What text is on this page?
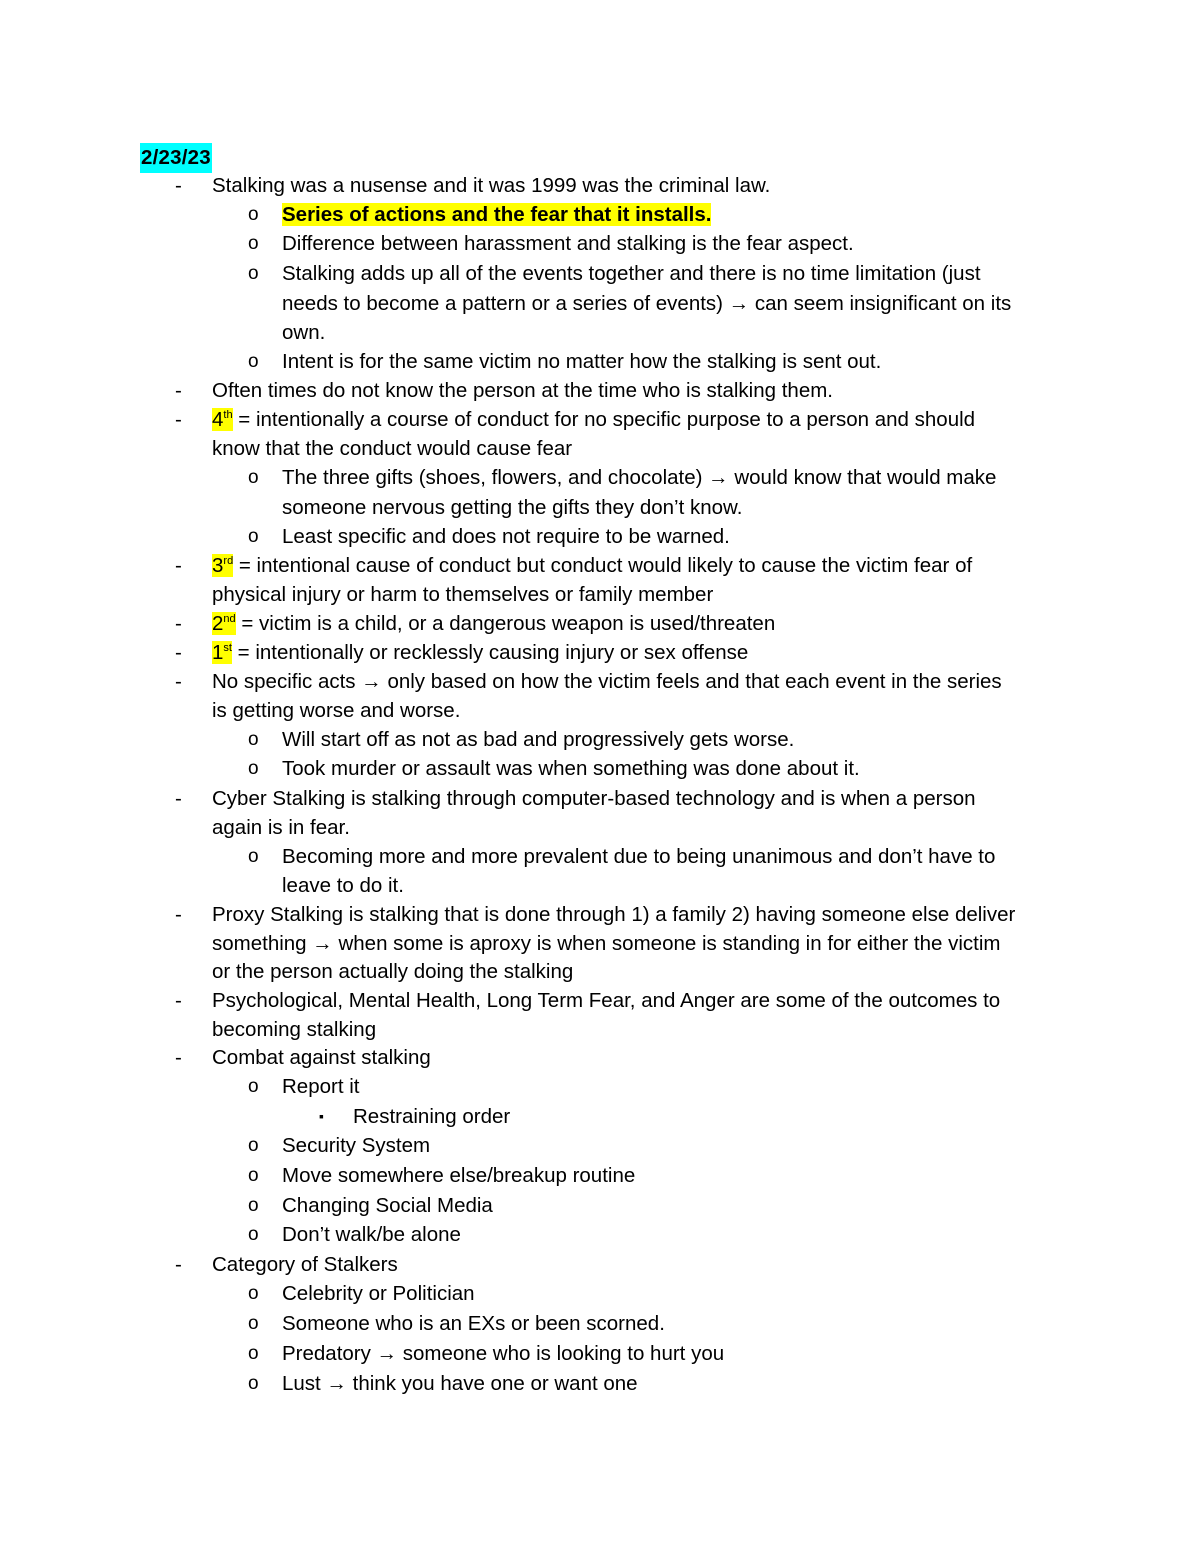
2/23/23
- Stalking was a nusense and it was 1999 was the criminal law.
o Series of actions and the fear that it installs.
o Difference between harassment and stalking is the fear aspect.
o Stalking adds up all of the events together and there is no time limitation (just
needs to become a pattern or a series of events) → can seem insignificant on its
own.
o Intent is for the same victim no matter how the stalking is sent out.
- Often times do not know the person at the time who is stalking them.
- 4th = intentionally a course of conduct for no specific purpose to a person and should
know that the conduct would cause fear
o The three gifts (shoes, flowers, and chocolate) → would know that would make
someone nervous getting the gifts they don’t know.
o Least specific and does not require to be warned.
- 3rd = intentional cause of conduct but conduct would likely to cause the victim fear of
physical injury or harm to themselves or family member
- 2nd = victim is a child, or a dangerous weapon is used/threaten
- 1st = intentionally or recklessly causing injury or sex offense
- No specific acts → only based on how the victim feels and that each event in the series
is getting worse and worse.
o Will start off as not as bad and progressively gets worse.
o Took murder or assault was when something was done about it.
- Cyber Stalking is stalking through computer-based technology and is when a person
again is in fear.
o Becoming more and more prevalent due to being unanimous and don’t have to
leave to do it.
- Proxy Stalking is stalking that is done through 1) a family 2) having someone else deliver
something → when some is aproxy is when someone is standing in for either the victim
or the person actually doing the stalking
- Psychological, Mental Health, Long Term Fear, and Anger are some of the outcomes to
becoming stalking
- Combat against stalking
o Report it
▪ Restraining order
o Security System
o Move somewhere else/breakup routine
o Changing Social Media
o Don’t walk/be alone
- Category of Stalkers
o Celebrity or Politician
o Someone who is an EXs or been scorned.
o Predatory → someone who is looking to hurt you
o Lust → think you have one or want one
